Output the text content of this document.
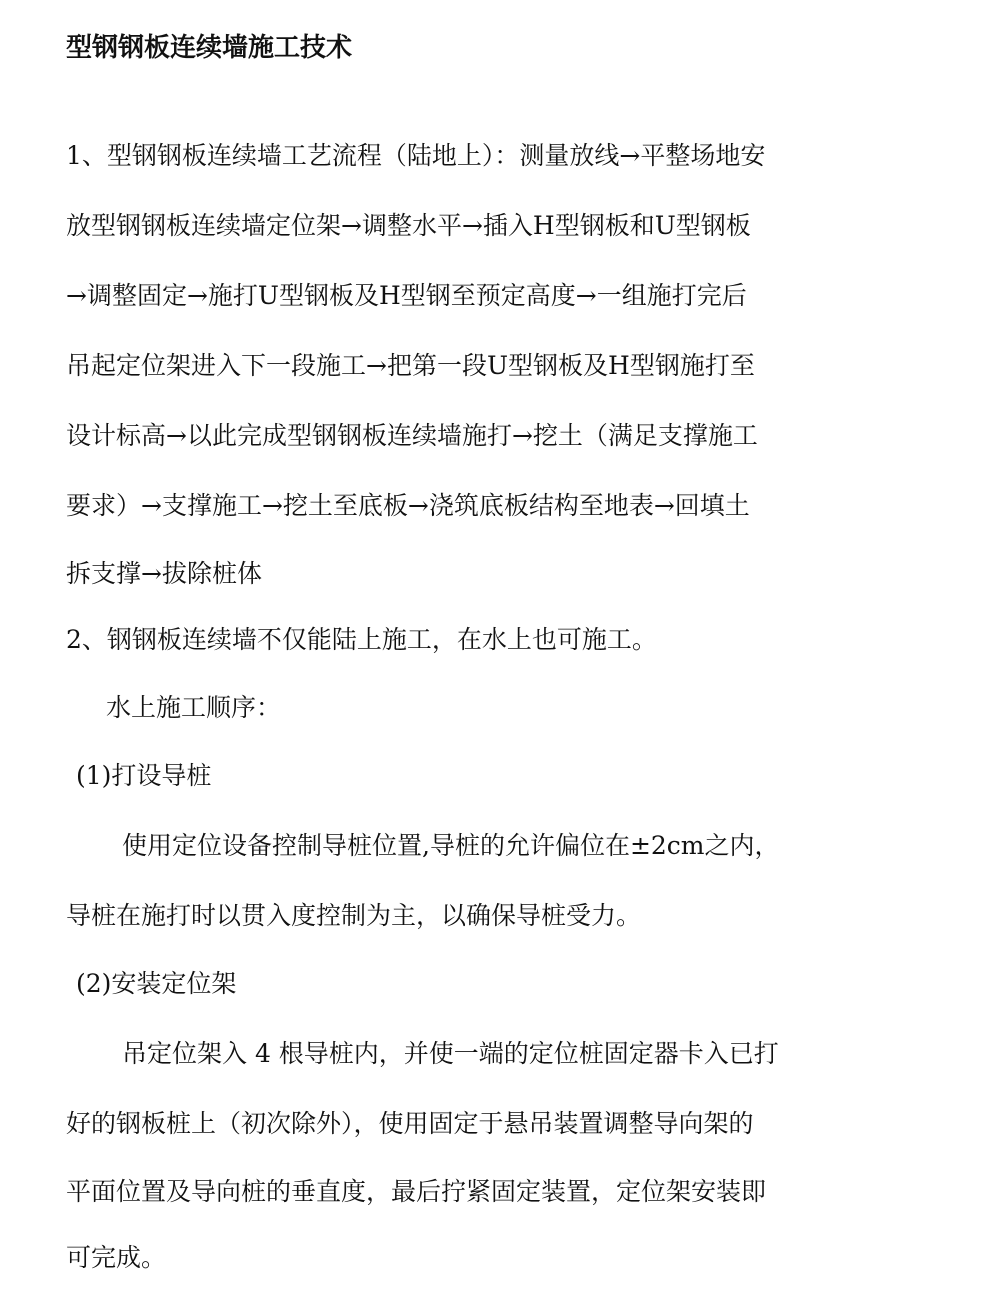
型钢钢板连续墙施工技术
1、型钢钢板连续墙工艺流程（陆地上）：测量放线→平整场地安
放型钢钢板连续墙定位架→调整水平→插入H型钢板和U型钢板
→调整固定→施打U型钢板及H型钢至预定高度→一组施打完后
吊起定位架进入下一段施工→把第一段U型钢板及H型钢施打至
设计标高→以此完成型钢钢板连续墙施打→挖土（满足支撑施工
要求）→支撑施工→挖土至底板→浇筑底板结构至地表→回填土
拆支撑→拔除桩体
2、钢钢板连续墙不仅能陆上施工，在水上也可施工。
水上施工顺序：
(1)打设导桩
使用定位设备控制导桩位置,导桩的允许偏位在±2cm之内，
导桩在施打时以贯入度控制为主，以确保导桩受力。
(2)安装定位架
吊定位架入 4 根导桩内，并使一端的定位桩固定器卡入已打
好的钢板桩上（初次除外），使用固定于悬吊装置调整导向架的
平面位置及导向桩的垂直度，最后拧紧固定装置，定位架安装即
可完成。
